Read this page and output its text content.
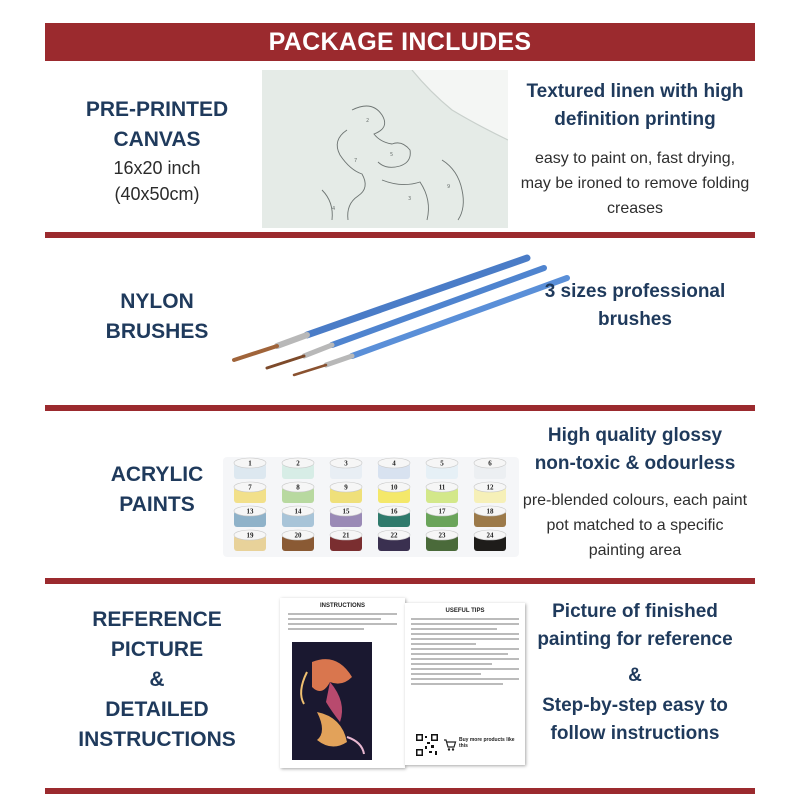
PACKAGE INCLUDES
PRE-PRINTED
CANVAS
16x20 inch
(40x50cm)
2
5
7
3
9
4
Textured linen with high definition printing
easy to paint on, fast drying, may be ironed to remove folding creases
NYLON
BRUSHES
3 sizes professional brushes
ACRYLIC
PAINTS
1	2	3	4	5	6
7	8	9	10	11	12
13	14	15	16	17	18
19	20	21	22	23	24
High quality glossy
non-toxic & odourless
pre-blended colours, each paint pot matched to a specific painting area
REFERENCE
PICTURE
&
DETAILED
INSTRUCTIONS
INSTRUCTIONS
USEFUL TIPS
Buy more products like this
Picture of finished painting for reference
&
Step-by-step easy to follow instructions
